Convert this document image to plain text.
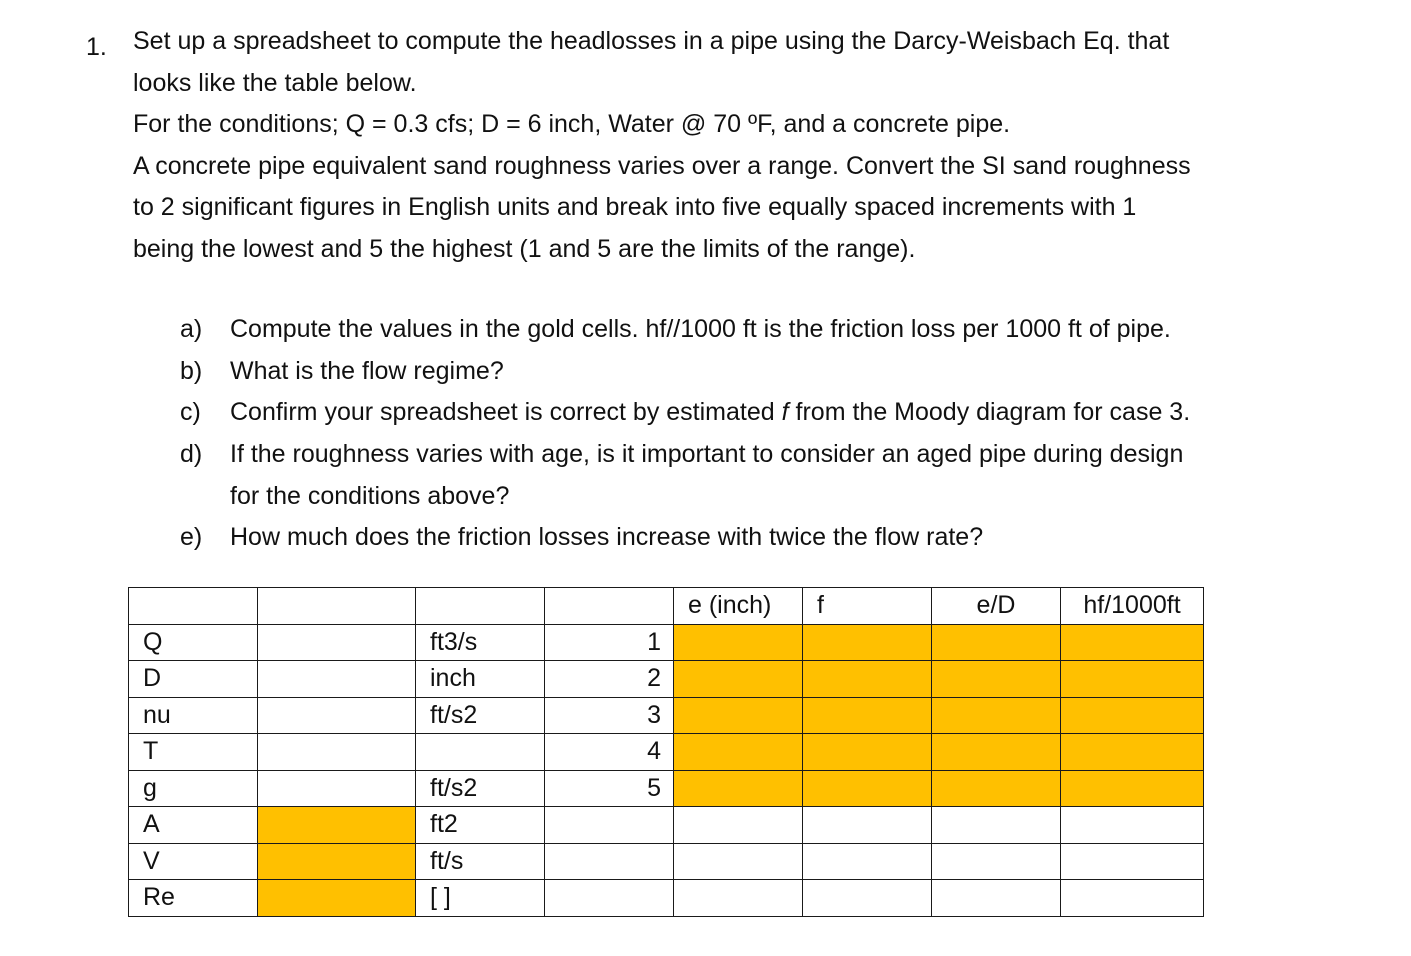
1. Set up a spreadsheet to compute the headlosses in a pipe using the Darcy-Weisbach Eq. that
looks like the table below.
For the conditions; Q = 0.3 cfs; D = 6 inch, Water @ 70 ºF, and a concrete pipe.
A concrete pipe equivalent sand roughness varies over a range. Convert the SI sand roughness
to 2 significant figures in English units and break into five equally spaced increments with 1
being the lowest and 5 the highest (1 and 5 are the limits of the range).
a) Compute the values in the gold cells. hf//1000 ft is the friction loss per 1000 ft of pipe.
b) What is the flow regime?
c) Confirm your spreadsheet is correct by estimated f from the Moody diagram for case 3.
d) If the roughness varies with age, is it important to consider an aged pipe during design
for the conditions above?
e) How much does the friction losses increase with twice the flow rate?
				e (inch)	f	e/D	hf/1000ft
Q		ft3/s	1				
D		inch	2				
nu		ft/s2	3				
T			4				
g		ft/s2	5				
A		ft2					
V		ft/s					
Re		[ ]					
